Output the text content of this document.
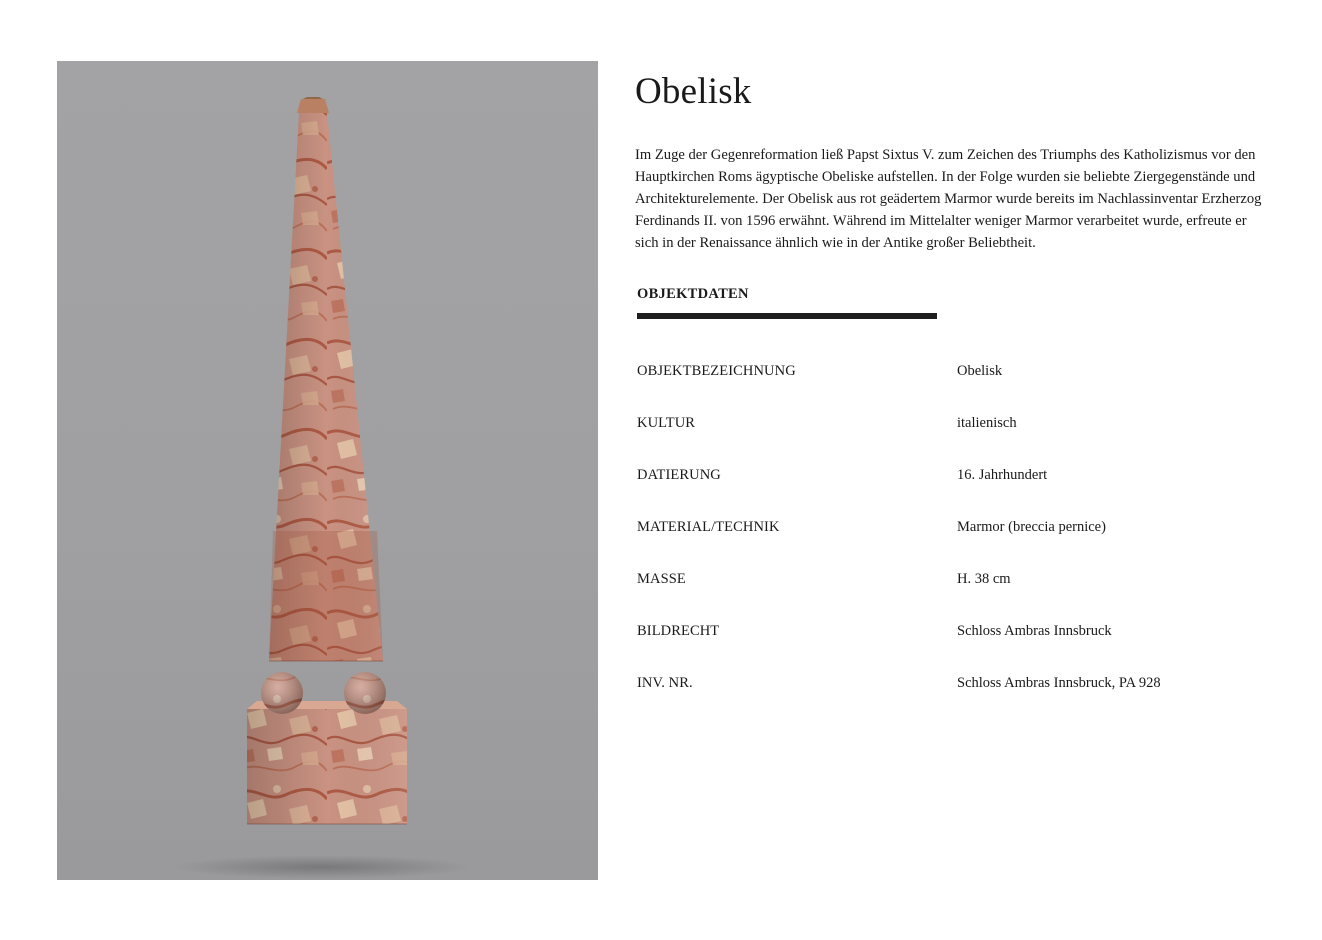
Obelisk

Im Zuge der Gegenreformation ließ Papst Sixtus V. zum Zeichen des Triumphs des Katholizismus vor den Hauptkirchen Roms ägyptische Obeliske aufstellen. In der Folge wurden sie beliebte Ziergegenstände und Architekturelemente. Der Obelisk aus rot geädertem Marmor wurde bereits im Nachlassinventar Erzherzog Ferdinands II. von 1596 erwähnt. Während im Mittelalter weniger Marmor verarbeitet wurde, erfreute er sich in der Renaissance ähnlich wie in der Antike großer Beliebtheit.

OBJEKTDATEN
OBJEKTBEZEICHNUNG	Obelisk
KULTUR	italienisch
DATIERUNG	16. Jahrhundert
MATERIAL/TECHNIK	Marmor (breccia pernice)
MASSE	H. 38 cm
BILDRECHT	Schloss Ambras Innsbruck
INV. NR.	Schloss Ambras Innsbruck, PA 928
